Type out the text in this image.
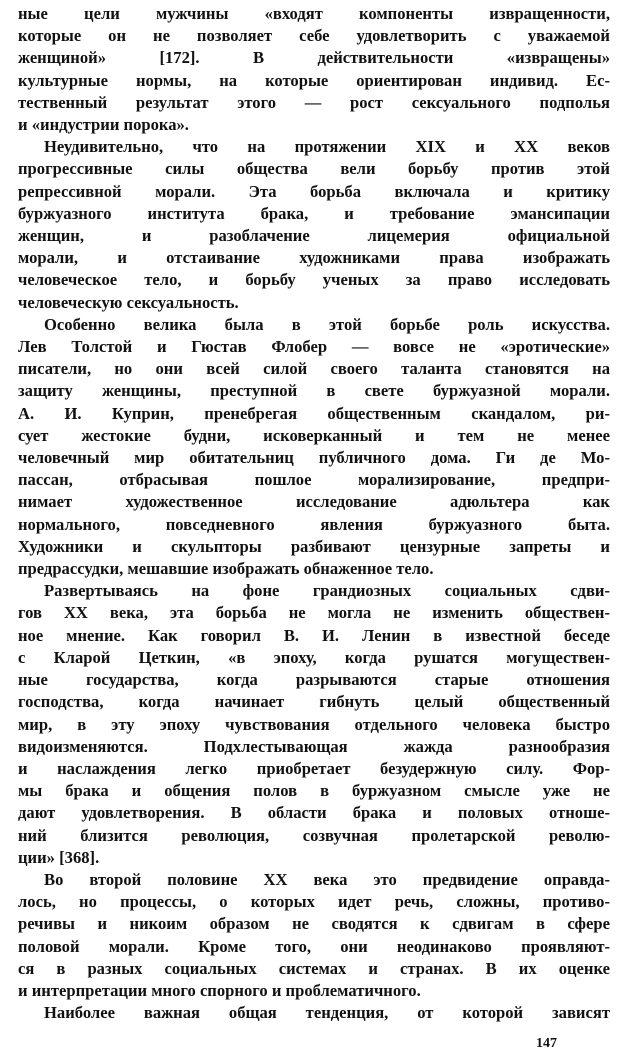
ные цели мужчины «входят компоненты извращенности,
которые он не позволяет себе удовлетворить с уважаемой
женщиной» [172]. В действительности «извращены»
культурные нормы, на которые ориентирован индивид. Ес-
тественный результат этого — рост сексуального подполья
и «индустрии порока».
Неудивительно, что на протяжении XIX и XX веков
прогрессивные силы общества вели борьбу против этой
репрессивной морали. Эта борьба включала и критику
буржуазного института брака, и требование эмансипации
женщин, и разоблачение лицемерия официальной
морали, и отстаивание художниками права изображать
человеческое тело, и борьбу ученых за право исследовать
человеческую сексуальность.
Особенно велика была в этой борьбе роль искусства.
Лев Толстой и Гюстав Флобер — вовсе не «эротические»
писатели, но они всей силой своего таланта становятся на
защиту женщины, преступной в свете буржуазной морали.
А. И. Куприн, пренебрегая общественным скандалом, ри-
сует жестокие будни, исковерканный и тем не менее
человечный мир обитательниц публичного дома. Ги де Мо-
пассан, отбрасывая пошлое морализирование, предпри-
нимает художественное исследование адюльтера как
нормального, повседневного явления буржуазного быта.
Художники и скульпторы разбивают цензурные запреты и
предрассудки, мешавшие изображать обнаженное тело.
Развертываясь на фоне грандиозных социальных сдви-
гов XX века, эта борьба не могла не изменить обществен-
ное мнение. Как говорил В. И. Ленин в известной беседе
с Кларой Цеткин, «в эпоху, когда рушатся могуществен-
ные государства, когда разрываются старые отношения
господства, когда начинает гибнуть целый общественный
мир, в эту эпоху чувствования отдельного человека быстро
видоизменяются. Подхлестывающая жажда разнообразия
и наслаждения легко приобретает безудержную силу. Фор-
мы брака и общения полов в буржуазном смысле уже не
дают удовлетворения. В области брака и половых отноше-
ний близится революция, созвучная пролетарской револю-
ции» [368].
Во второй половине XX века это предвидение оправда-
лось, но процессы, о которых идет речь, сложны, противо-
речивы и никоим образом не сводятся к сдвигам в сфере
половой морали. Кроме того, они неодинаково проявляют-
ся в разных социальных системах и странах. В их оценке
и интерпретации много спорного и проблематичного.
Наиболее важная общая тенденция, от которой зависят
147
